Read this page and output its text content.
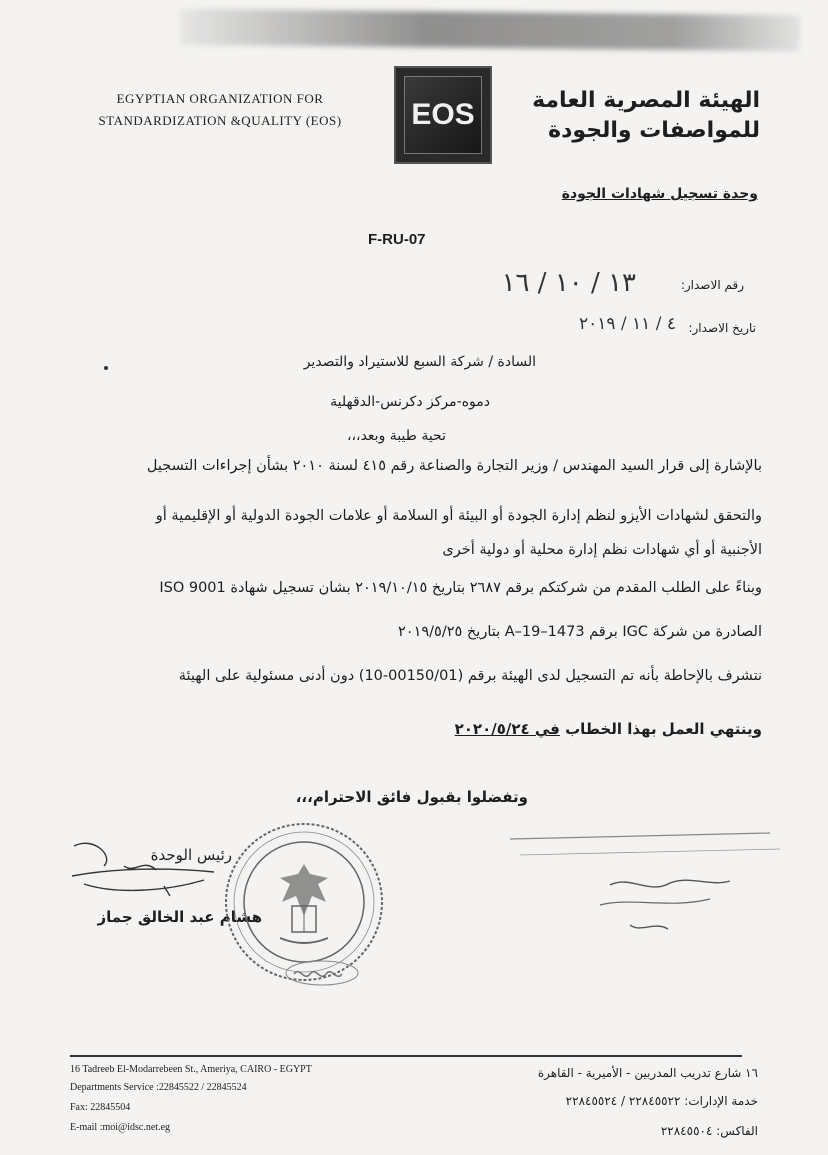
EGYPTIAN ORGANIZATION FOR
STANDARDIZATION &QUALITY (EOS)	EOS	الهيئة المصرية العامة
للمواصفات والجودة
وحدة تسجيل شهادات الجودة
F-RU-07
رقم الاصدار:
١٣ / ١٠ / ١٦
تاريخ الاصدار:
٤ / ١١ / ٢٠١٩
السادة / شركة السبع للاستيراد والتصدير
دموه-مركز دكرنس-الدقهلية
تحية طيبة وبعد،،،
بالإشارة إلى قرار السيد المهندس / وزير التجارة والصناعة رقم ٤١٥ لسنة ٢٠١٠ بشأن إجراءات التسجيل
والتحقق لشهادات الأيزو لنظم إدارة الجودة أو البيئة أو السلامة أو علامات الجودة الدولية أو الإقليمية أو
الأجنبية أو أي شهادات نظم إدارة محلية أو دولية أخرى
وبناءً على الطلب المقدم من شركتكم برقم ٢٦٨٧ بتاريخ ٢٠١٩/١٠/١٥ بشان تسجيل شهادة ISO 9001
الصادرة من شركة IGC برقم 1473–A–19 بتاريخ ٢٠١٩/٥/٢٥
نتشرف بالإحاطة بأنه تم التسجيل لدى الهيئة برقم (00150/01-10) دون أدنى مسئولية على الهيئة
وينتهي العمل بهذا الخطاب في ٢٠٢٠/٥/٢٤
وتفضلوا بقبول فائق الاحترام،،،
رئيس الوحدة
هشام عبد الخالق جماز
16 Tadreeb El-Modarrebeen St., Ameriya, CAIRO - EGYPT
Departments Service :22845522 / 22845524
Fax: 22845504
E-mail :moi@idsc.net.eg
١٦ شارع تدريب المدربين - الأميرية - القاهرة
خدمة الإدارات: ٢٢٨٤٥٥٢٢ / ٢٢٨٤٥٥٢٤
الفاكس: ٢٢٨٤٥٥٠٤
